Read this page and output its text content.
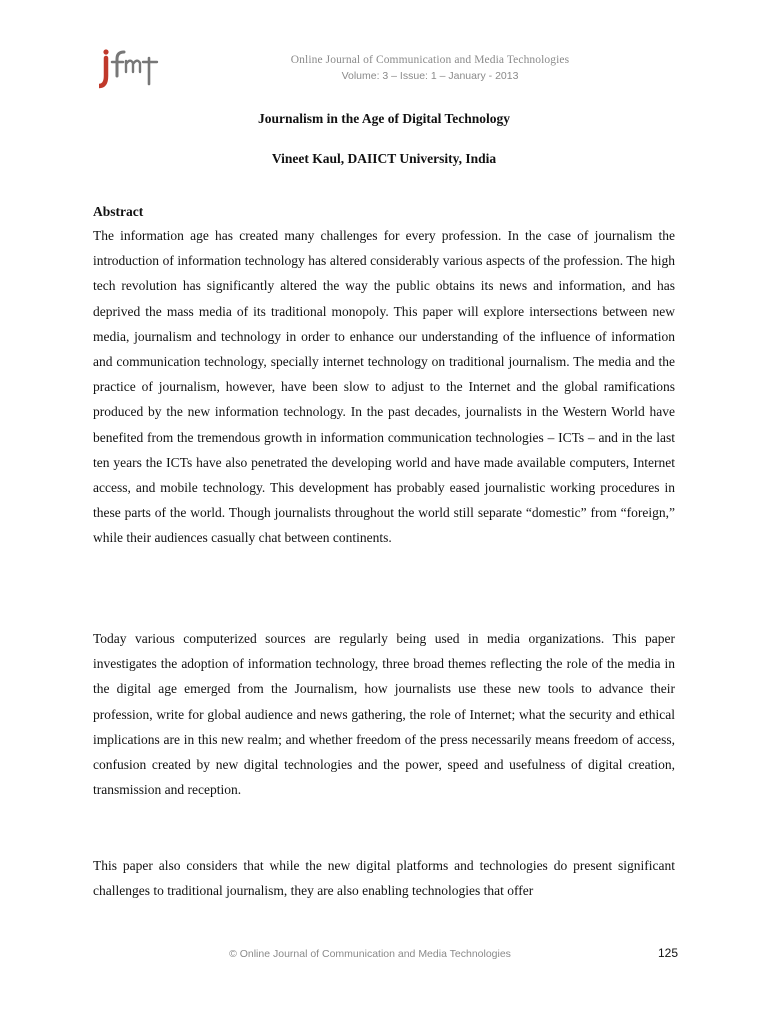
Online Journal of Communication and Media Technologies
Volume: 3 – Issue: 1 – January - 2013
Journalism in the Age of Digital Technology
Vineet Kaul, DAIICT University, India
Abstract

The information age has created many challenges for every profession. In the case of journalism the introduction of information technology has altered considerably various aspects of the profession. The high tech revolution has significantly altered the way the public obtains its news and information, and has deprived the mass media of its traditional monopoly. This paper will explore intersections between new media, journalism and technology in order to enhance our understanding of the influence of information and communication technology, specially internet technology on traditional journalism. The media and the practice of journalism, however, have been slow to adjust to the Internet and the global ramifications produced by the new information technology. In the past decades, journalists in the Western World have benefited from the tremendous growth in information communication technologies – ICTs – and in the last ten years the ICTs have also penetrated the developing world and have made available computers, Internet access, and mobile technology. This development has probably eased journalistic working procedures in these parts of the world. Though journalists throughout the world still separate “domestic” from “foreign,” while their audiences casually chat between continents.

Today various computerized sources are regularly being used in media organizations. This paper investigates the adoption of information technology, three broad themes reflecting the role of the media in the digital age emerged from the Journalism, how journalists use these new tools to advance their profession, write for global audience and news gathering, the role of Internet; what the security and ethical implications are in this new realm; and whether freedom of the press necessarily means freedom of access, confusion created by new digital technologies and the power, speed and usefulness of digital creation, transmission and reception.

This paper also considers that while the new digital platforms and technologies do present significant challenges to traditional journalism, they are also enabling technologies that offer

© Online Journal of Communication and Media Technologies	125
